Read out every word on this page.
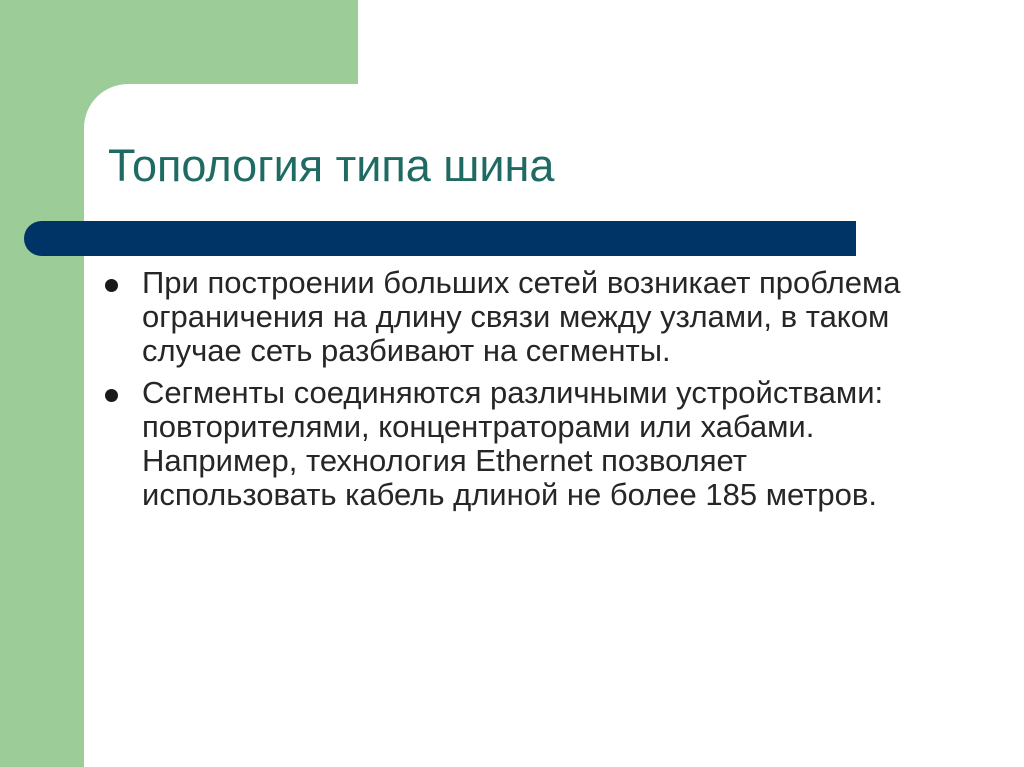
Топология типа шина
При построении больших сетей возникает проблема ограничения на длину связи между узлами, в таком случае сеть разбивают на сегменты.
Сегменты соединяются различными устройствами: повторителями, концентраторами или хабами. Например, технология Ethernet позволяет использовать кабель длиной не более 185 метров.
